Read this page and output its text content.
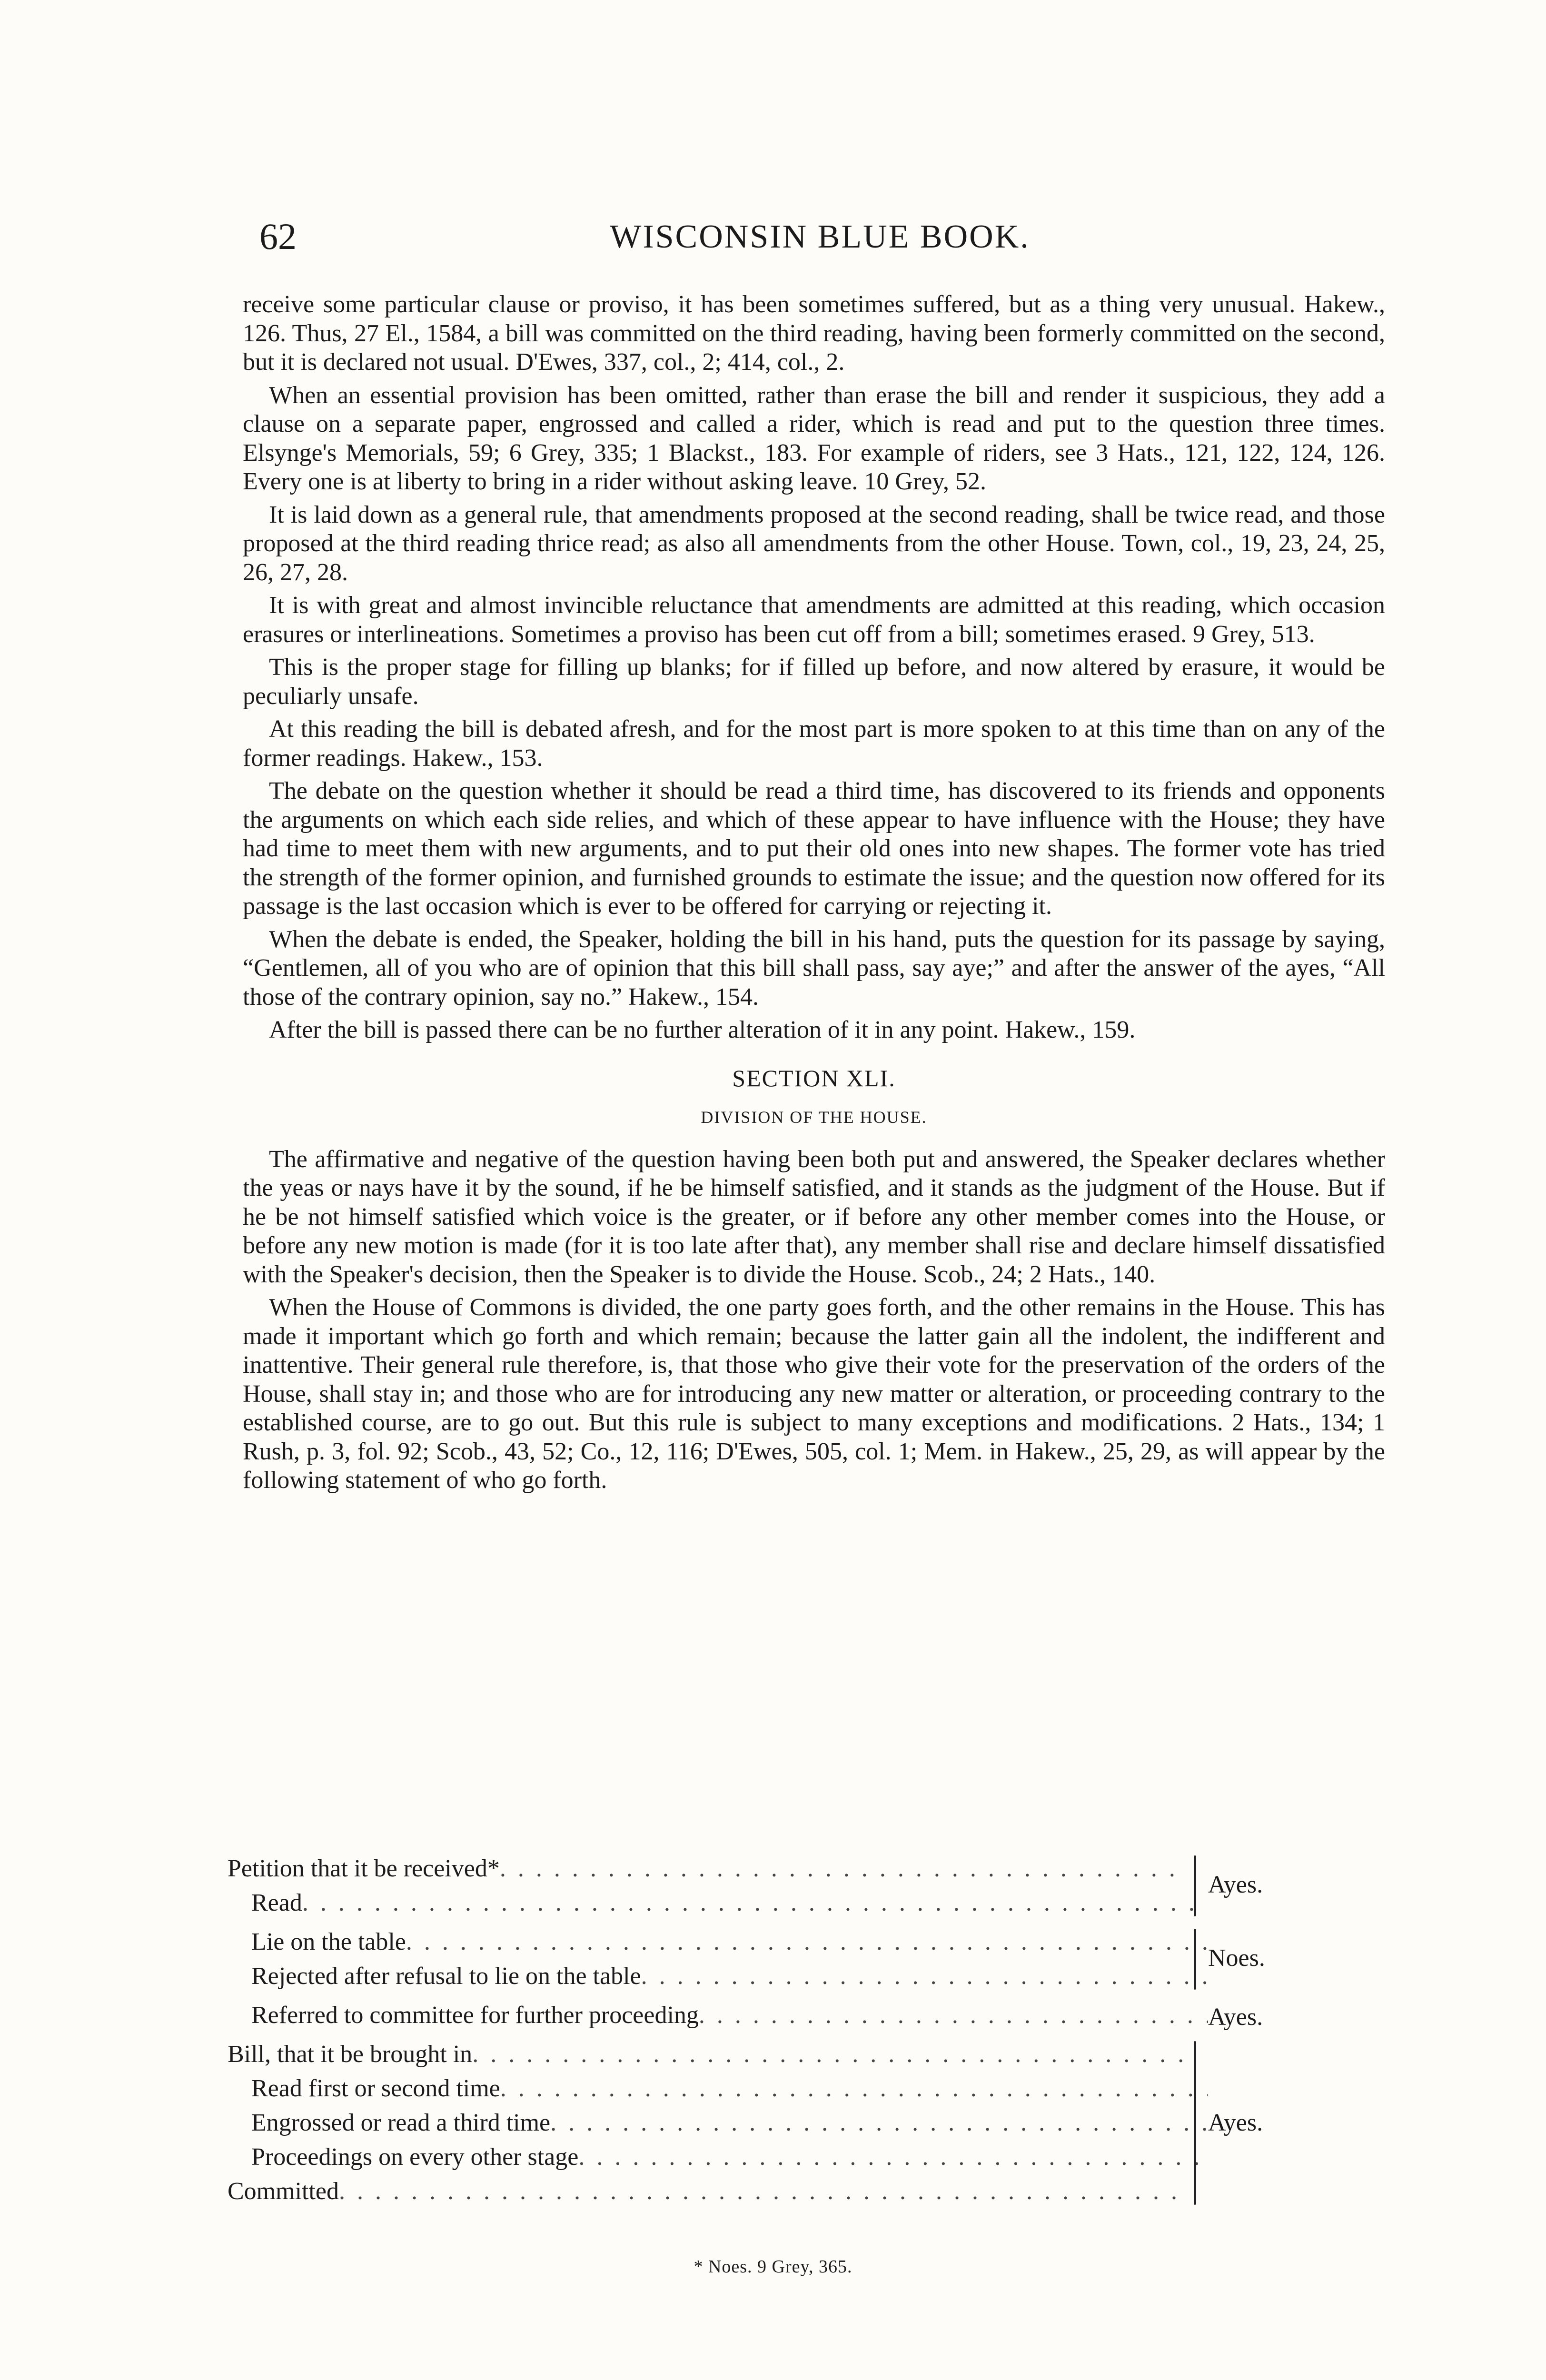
62	WISCONSIN BLUE BOOK.

receive some particular clause or proviso, it has been sometimes suffered, but as a thing very unusual. Hakew., 126. Thus, 27 El., 1584, a bill was committed on the third reading, having been formerly committed on the second, but it is declared not usual. D'Ewes, 337, col., 2; 414, col., 2.

When an essential provision has been omitted, rather than erase the bill and render it suspicious, they add a clause on a separate paper, engrossed and called a rider, which is read and put to the question three times. Elsynge's Memorials, 59; 6 Grey, 335; 1 Blackst., 183. For example of riders, see 3 Hats., 121, 122, 124, 126. Every one is at liberty to bring in a rider without asking leave. 10 Grey, 52.

It is laid down as a general rule, that amendments proposed at the second reading, shall be twice read, and those proposed at the third reading thrice read; as also all amendments from the other House. Town, col., 19, 23, 24, 25, 26, 27, 28.

It is with great and almost invincible reluctance that amendments are admitted at this reading, which occasion erasures or interlineations. Sometimes a proviso has been cut off from a bill; sometimes erased. 9 Grey, 513.

This is the proper stage for filling up blanks; for if filled up before, and now altered by erasure, it would be peculiarly unsafe.

At this reading the bill is debated afresh, and for the most part is more spoken to at this time than on any of the former readings. Hakew., 153.

The debate on the question whether it should be read a third time, has discovered to its friends and opponents the arguments on which each side relies, and which of these appear to have influence with the House; they have had time to meet them with new arguments, and to put their old ones into new shapes. The former vote has tried the strength of the former opinion, and furnished grounds to estimate the issue; and the question now offered for its passage is the last occasion which is ever to be offered for carrying or rejecting it.

When the debate is ended, the Speaker, holding the bill in his hand, puts the question for its passage by saying, “Gentlemen, all of you who are of opinion that this bill shall pass, say aye;” and after the answer of the ayes, “All those of the contrary opinion, say no.” Hakew., 154.

After the bill is passed there can be no further alteration of it in any point. Hakew., 159.

SECTION XLI.
DIVISION OF THE HOUSE.

The affirmative and negative of the question having been both put and answered, the Speaker declares whether the yeas or nays have it by the sound, if he be himself satisfied, and it stands as the judgment of the House. But if he be not himself satisfied which voice is the greater, or if before any other member comes into the House, or before any new motion is made (for it is too late after that), any member shall rise and declare himself dissatisfied with the Speaker's decision, then the Speaker is to divide the House. Scob., 24; 2 Hats., 140.

When the House of Commons is divided, the one party goes forth, and the other remains in the House. This has made it important which go forth and which remain; because the latter gain all the indolent, the indifferent and inattentive. Their general rule therefore, is, that those who give their vote for the preservation of the orders of the House, shall stay in; and those who are for introducing any new matter or alteration, or proceeding contrary to the established course, are to go out. But this rule is subject to many exceptions and modifications. 2 Hats., 134; 1 Rush, p. 3, fol. 92; Scob., 43, 52; Co., 12, 116; D'Ewes, 505, col. 1; Mem. in Hakew., 25, 29, as will appear by the following statement of who go forth.

Petition that it be received*
. . .
Read
. . .
Ayes.
Lie on the table
. . .
Rejected after refusal to lie on the table
. . .
Noes.
Referred to committee for further proceeding
. . .	Ayes.
Bill, that it be brought in
. . .
Read first or second time
. . .
Engrossed or read a third time
. . .
Proceedings on every other stage
. . .
Committed
. . .
Ayes.
* Noes. 9 Grey, 365.
